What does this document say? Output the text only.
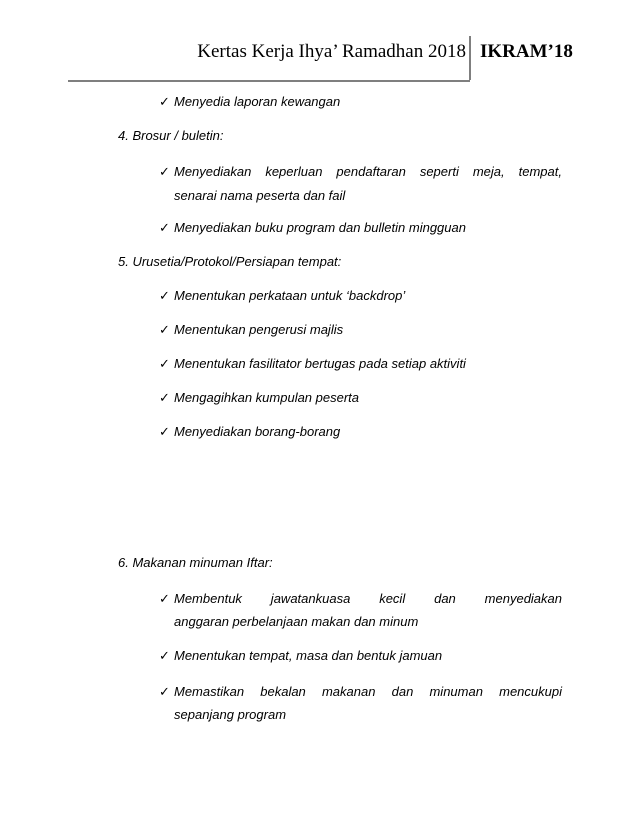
Kertas Kerja Ihya’ Ramadhan 2018 IKRAM’18
✓ Menyedia laporan kewangan
4. Brosur / buletin:
✓ Menyediakan keperluan pendaftaran seperti meja, tempat,
senarai nama peserta dan fail
✓ Menyediakan buku program dan bulletin mingguan
5. Urusetia/Protokol/Persiapan tempat:
✓ Menentukan perkataan untuk ‘backdrop’
✓ Menentukan pengerusi majlis
✓ Menentukan fasilitator bertugas pada setiap aktiviti
✓ Mengagihkan kumpulan peserta
✓ Menyediakan borang-borang
6. Makanan minuman Iftar:
✓ Membentuk jawatankuasa kecil dan menyediakan
anggaran perbelanjaan makan dan minum
✓ Menentukan tempat, masa dan bentuk jamuan
✓ Memastikan bekalan makanan dan minuman mencukupi
sepanjang program
